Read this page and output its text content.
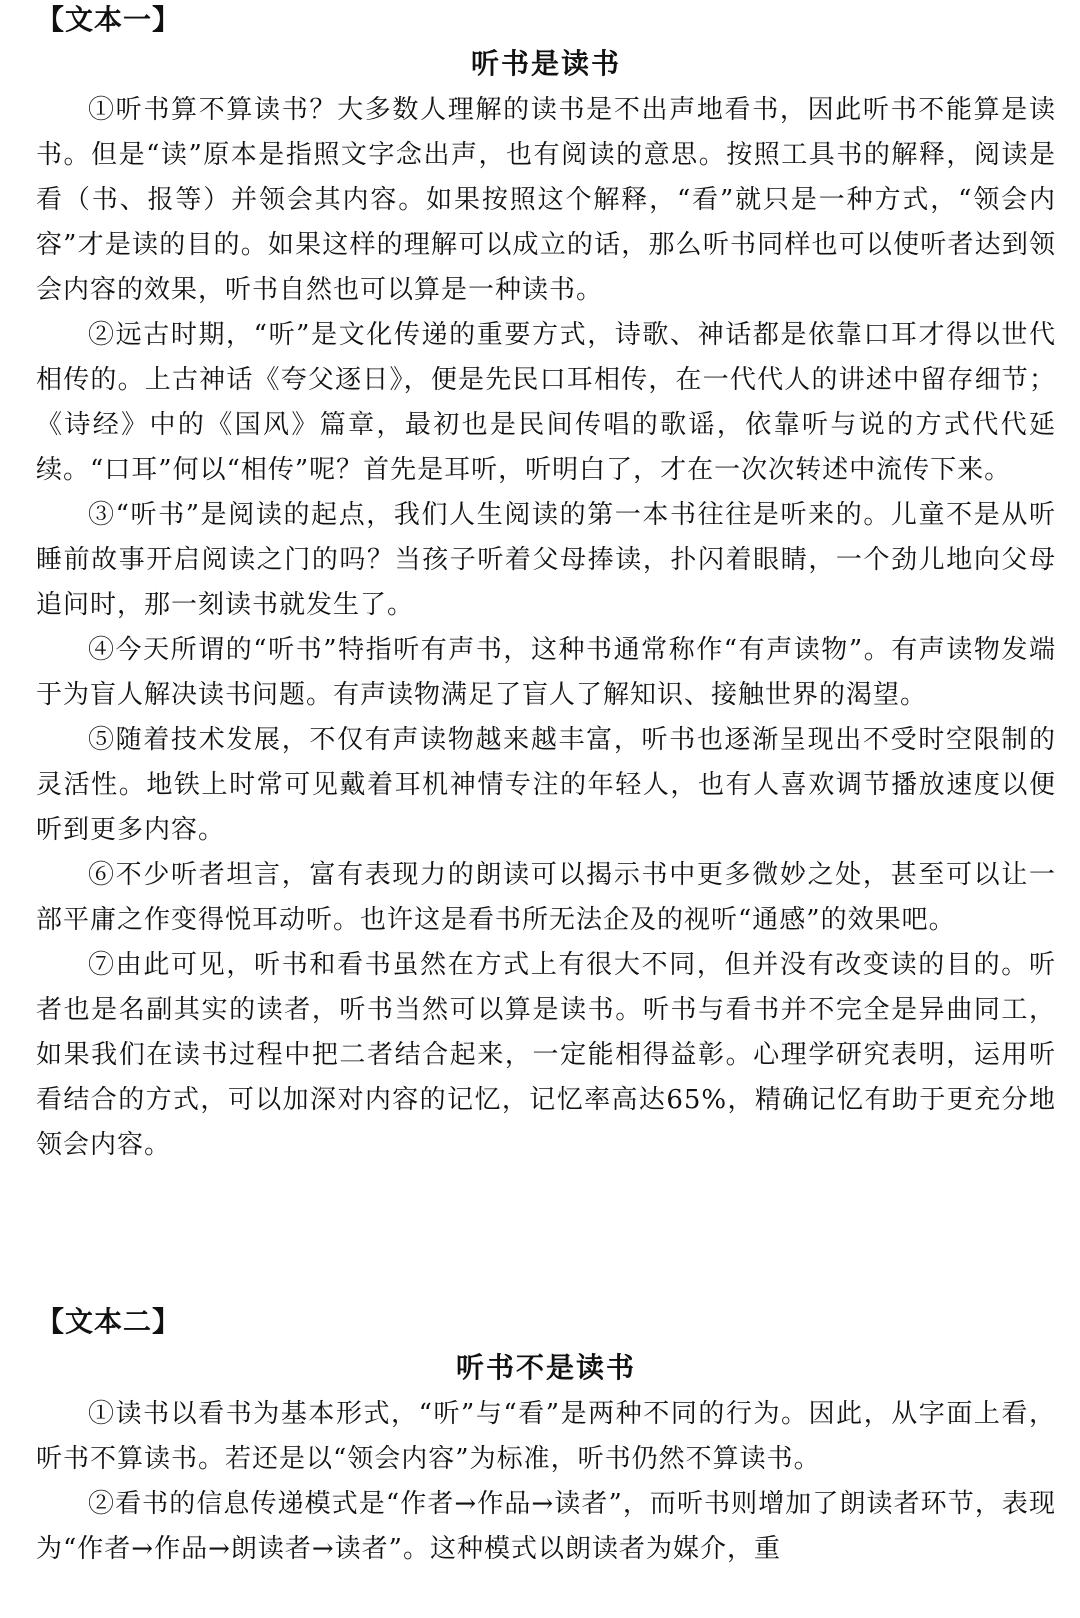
【文本一】
听书是读书

①听书算不算读书？大多数人理解的读书是不出声地看书，因此听书不能算是读书。但是“读”原本是指照文字念出声，也有阅读的意思。按照工具书的解释，阅读是看（书、报等）并领会其内容。如果按照这个解释，“看”就只是一种方式，“领会内容”才是读的目的。如果这样的理解可以成立的话，那么听书同样也可以使听者达到领会内容的效果，听书自然也可以算是一种读书。

②远古时期，“听”是文化传递的重要方式，诗歌、神话都是依靠口耳才得以世代相传的。上古神话《夸父逐日》，便是先民口耳相传，在一代代人的讲述中留存细节；《诗经》中的《国风》篇章，最初也是民间传唱的歌谣，依靠听与说的方式代代延续。“口耳”何以“相传”呢？首先是耳听，听明白了，才在一次次转述中流传下来。

③“听书”是阅读的起点，我们人生阅读的第一本书往往是听来的。儿童不是从听睡前故事开启阅读之门的吗？当孩子听着父母捧读，扑闪着眼睛，一个劲儿地向父母追问时，那一刻读书就发生了。

④今天所谓的“听书”特指听有声书，这种书通常称作“有声读物”。有声读物发端于为盲人解决读书问题。有声读物满足了盲人了解知识、接触世界的渴望。

⑤随着技术发展，不仅有声读物越来越丰富，听书也逐渐呈现出不受时空限制的灵活性。地铁上时常可见戴着耳机神情专注的年轻人，也有人喜欢调节播放速度以便听到更多内容。

⑥不少听者坦言，富有表现力的朗读可以揭示书中更多微妙之处，甚至可以让一部平庸之作变得悦耳动听。也许这是看书所无法企及的视听“通感”的效果吧。

⑦由此可见，听书和看书虽然在方式上有很大不同，但并没有改变读的目的。听者也是名副其实的读者，听书当然可以算是读书。听书与看书并不完全是异曲同工，如果我们在读书过程中把二者结合起来，一定能相得益彰。心理学研究表明，运用听看结合的方式，可以加深对内容的记忆，记忆率高达65%，精确记忆有助于更充分地领会内容。

【文本二】
听书不是读书

①读书以看书为基本形式，“听”与“看”是两种不同的行为。因此，从字面上看，听书不算读书。若还是以“领会内容”为标准，听书仍然不算读书。

②看书的信息传递模式是“作者→作品→读者”，而听书则增加了朗读者环节，表现为“作者→作品→朗读者→读者”。这种模式以朗读者为媒介，重
